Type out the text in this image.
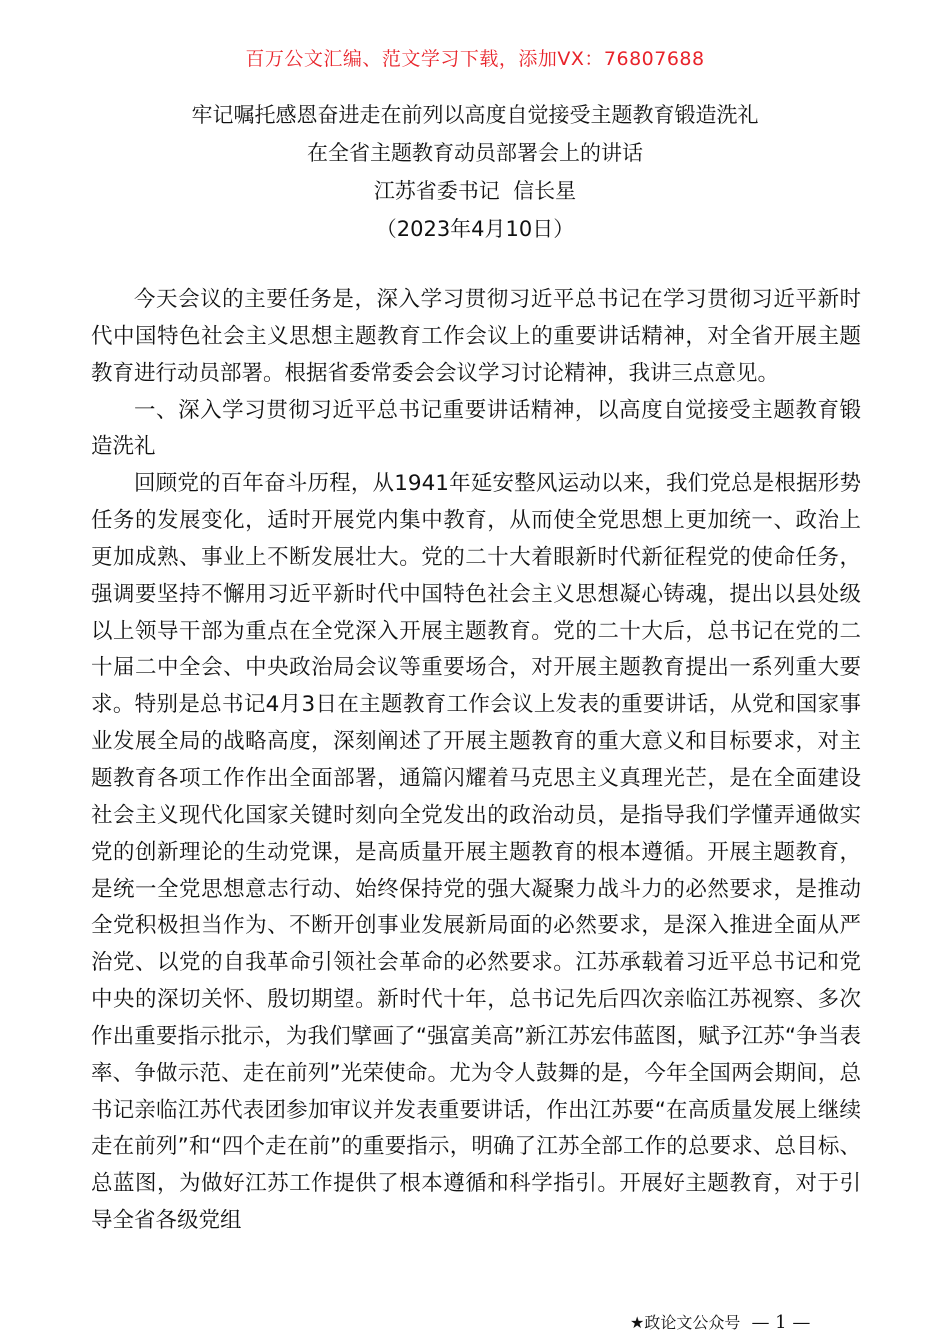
百万公文汇编、范文学习下载，添加VX：76807688
牢记嘱托感恩奋进走在前列以高度自觉接受主题教育锻造洗礼
在全省主题教育动员部署会上的讲话
江苏省委书记  信长星
（2023年4月10日）

今天会议的主要任务是，深入学习贯彻习近平总书记在学习贯彻习近平新时代中国特色社会主义思想主题教育工作会议上的重要讲话精神，对全省开展主题教育进行动员部署。根据省委常委会会议学习讨论精神，我讲三点意见。

一、深入学习贯彻习近平总书记重要讲话精神，以高度自觉接受主题教育锻造洗礼

回顾党的百年奋斗历程，从1941年延安整风运动以来，我们党总是根据形势任务的发展变化，适时开展党内集中教育，从而使全党思想上更加统一、政治上更加成熟、事业上不断发展壮大。党的二十大着眼新时代新征程党的使命任务，强调要坚持不懈用习近平新时代中国特色社会主义思想凝心铸魂，提出以县处级以上领导干部为重点在全党深入开展主题教育。党的二十大后，总书记在党的二十届二中全会、中央政治局会议等重要场合，对开展主题教育提出一系列重大要求。特别是总书记4月3日在主题教育工作会议上发表的重要讲话，从党和国家事业发展全局的战略高度，深刻阐述了开展主题教育的重大意义和目标要求，对主题教育各项工作作出全面部署，通篇闪耀着马克思主义真理光芒，是在全面建设社会主义现代化国家关键时刻向全党发出的政治动员，是指导我们学懂弄通做实党的创新理论的生动党课，是高质量开展主题教育的根本遵循。开展主题教育，是统一全党思想意志行动、始终保持党的强大凝聚力战斗力的必然要求，是推动全党积极担当作为、不断开创事业发展新局面的必然要求，是深入推进全面从严治党、以党的自我革命引领社会革命的必然要求。江苏承载着习近平总书记和党中央的深切关怀、殷切期望。新时代十年，总书记先后四次亲临江苏视察、多次作出重要指示批示，为我们擘画了“强富美高”新江苏宏伟蓝图，赋予江苏“争当表率、争做示范、走在前列”光荣使命。尤为令人鼓舞的是，今年全国两会期间，总书记亲临江苏代表团参加审议并发表重要讲话，作出江苏要“在高质量发展上继续走在前列”和“四个走在前”的重要指示，明确了江苏全部工作的总要求、总目标、总蓝图，为做好江苏工作提供了根本遵循和科学指引。开展好主题教育，对于引导全省各级党组

★政论文公众号 — 1 —
